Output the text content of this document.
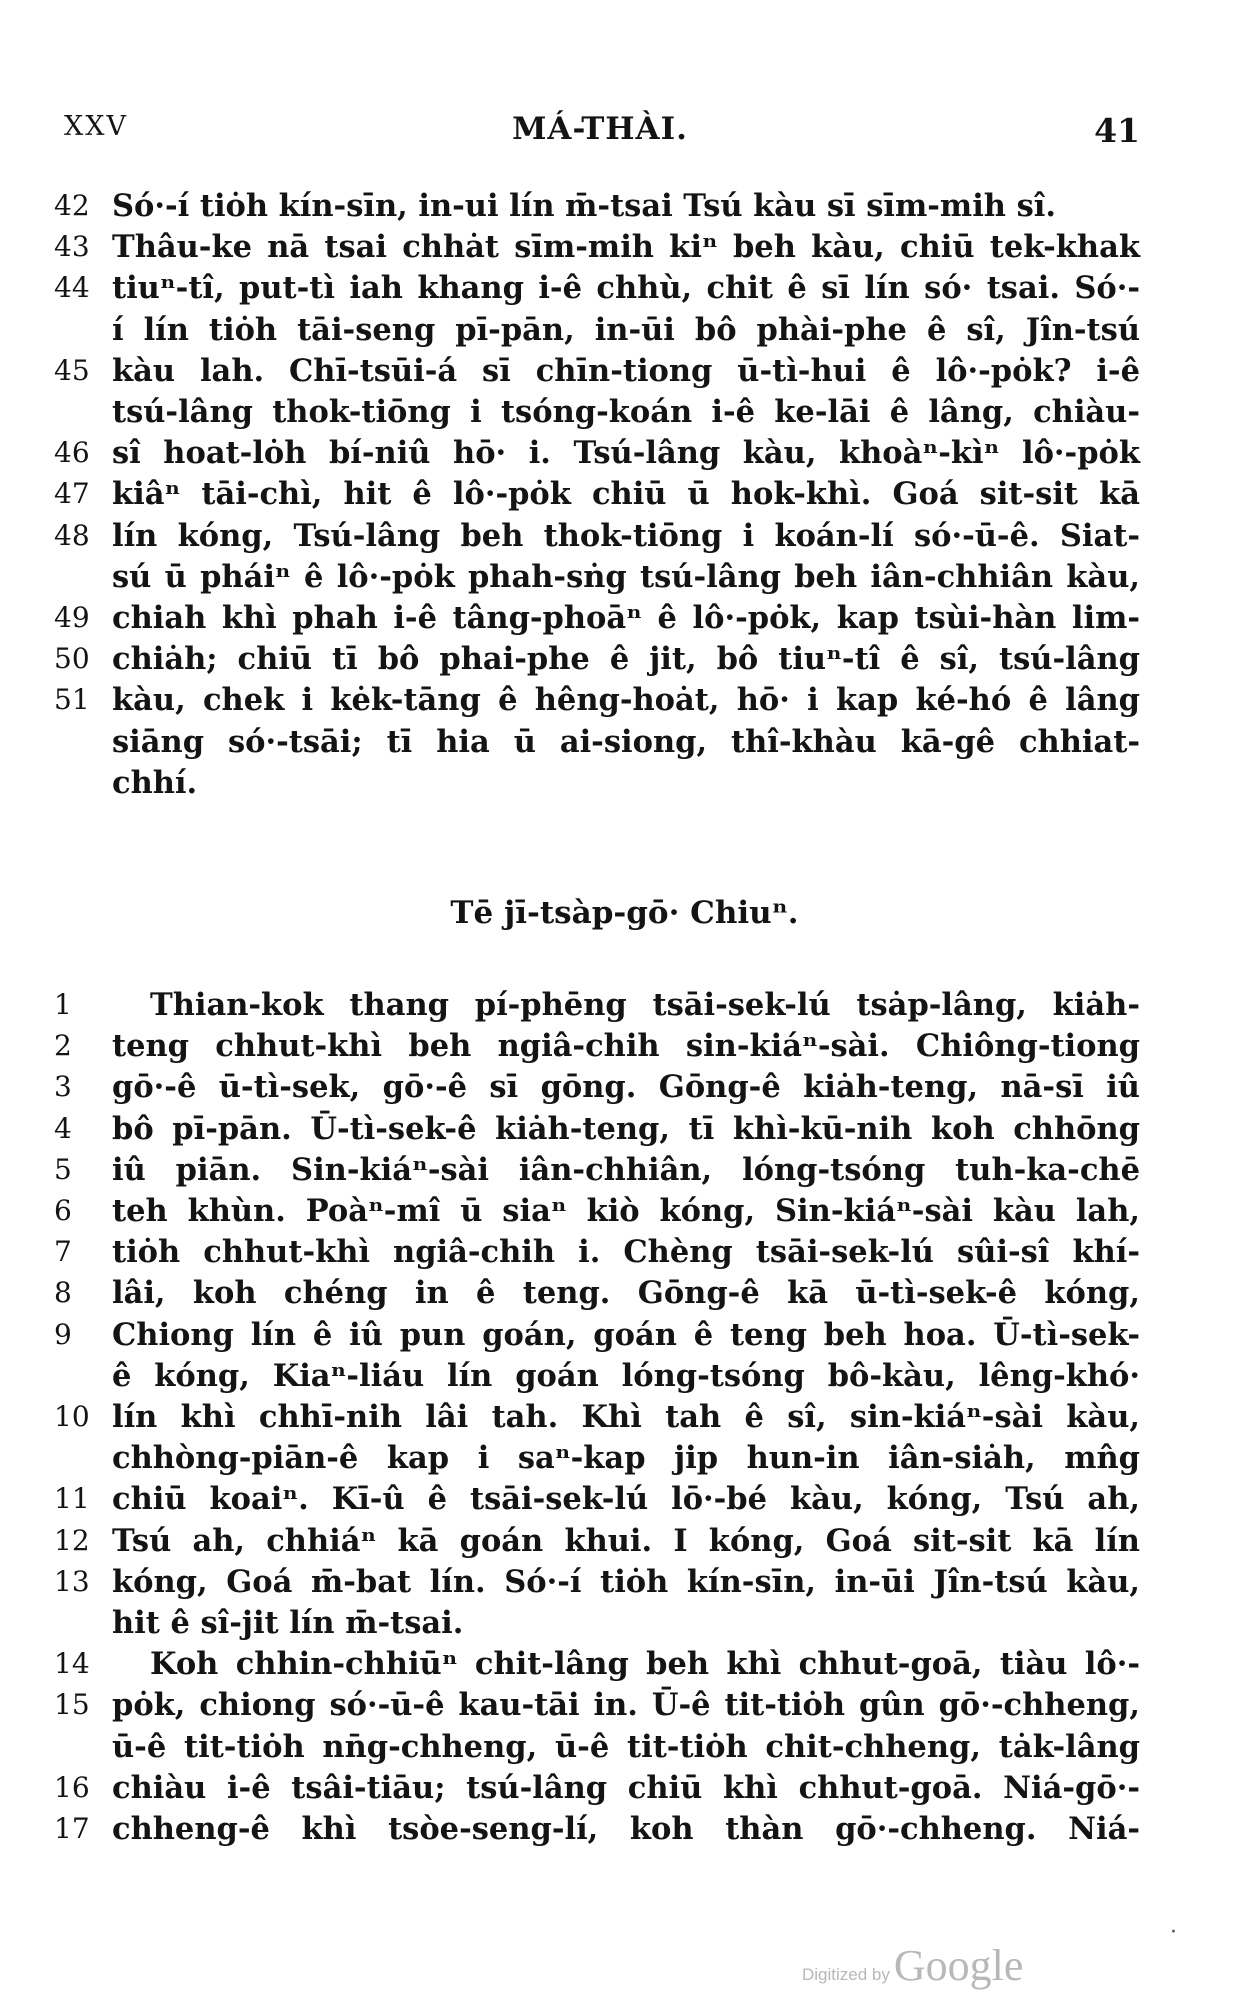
XXV	MÁ-THÀI.	41
42 Só·-í tiȯh kín-sīn, in-ui lín m̄-tsai Tsú kàu sī sīm-mih sî.
43 Thâu-ke nā tsai chhȧt sīm-mih kiⁿ beh kàu, chiū tek-khak
44 tiuⁿ-tî, put-tì iah khang i-ê chhù, chit ê sī lín só· tsai. Só·-
í lín tiȯh tāi-seng pī-pān, in-ūi bô phài-phe ê sî, Jîn-tsú
45 kàu lah. Chī-tsūi-á sī chīn-tiong ū-tì-hui ê lô·-pȯk? i-ê
tsú-lâng thok-tiōng i tsóng-koán i-ê ke-lāi ê lâng, chiàu-
46 sî hoat-lȯh bí-niû hō· i. Tsú-lâng kàu, khoàⁿ-kìⁿ lô·-pȯk
47 kiâⁿ tāi-chì, hit ê lô·-pȯk chiū ū hok-khì. Goá sit-sit kā
48 lín kóng, Tsú-lâng beh thok-tiōng i koán-lí só·-ū-ê. Siat-
sú ū pháiⁿ ê lô·-pȯk phah-sṅg tsú-lâng beh iân-chhiân kàu,
49 chiah khì phah i-ê tâng-phoāⁿ ê lô·-pȯk, kap tsùi-hàn lim-
50 chiȧh; chiū tī bô phai-phe ê jit, bô tiuⁿ-tî ê sî, tsú-lâng
51 kàu, chek i kėk-tāng ê hêng-hoȧt, hō· i kap ké-hó ê lâng
siāng só·-tsāi; tī hia ū ai-siong, thî-khàu kā-gê chhiat-
chhí.
1	Thian-kok thang pí-phēng tsāi-sek-lú tsȧp-lâng, kiȧh-
2	teng chhut-khì beh ngiâ-chih sin-kiáⁿ-sài. Chiông-tiong
3	gō·-ê ū-tì-sek, gō·-ê sī gōng. Gōng-ê kiȧh-teng, nā-sī iû
4	bô pī-pān. Ū-tì-sek-ê kiȧh-teng, tī khì-kū-nih koh chhōng
5	iû piān. Sin-kiáⁿ-sài iân-chhiân, lóng-tsóng tuh-ka-chē
6	teh khùn. Poàⁿ-mî ū siaⁿ kiò kóng, Sin-kiáⁿ-sài kàu lah,
7	tiȯh chhut-khì ngiâ-chih i. Chèng tsāi-sek-lú sûi-sî khí-
8	lâi, koh chéng in ê teng. Gōng-ê kā ū-tì-sek-ê kóng,
9	Chiong lín ê iû pun goán, goán ê teng beh hoa. Ū-tì-sek-
ê kóng, Kiaⁿ-liáu lín goán lóng-tsóng bô-kàu, lêng-khó·
10 lín khì chhī-nih lâi tah. Khì tah ê sî, sin-kiáⁿ-sài kàu,
chhòng-piān-ê kap i saⁿ-kap jip hun-in iân-siȧh, mn̂g
11 chiū koaiⁿ. Kī-û ê tsāi-sek-lú lō·-bé kàu, kóng, Tsú ah,
12 Tsú ah, chhiáⁿ kā goán khui. I kóng, Goá sit-sit kā lín
13 kóng, Goá m̄-bat lín. Só·-í tiȯh kín-sīn, in-ūi Jîn-tsú kàu,
hit ê sî-jit lín m̄-tsai.
14	Koh chhin-chhiūⁿ chit-lâng beh khì chhut-goā, tiàu lô·-
15 pȯk, chiong só·-ū-ê kau-tāi in. Ū-ê tit-tiȯh gûn gō·-chheng,
ū-ê tit-tiȯh nn̄g-chheng, ū-ê tit-tiȯh chit-chheng, tȧk-lâng
16 chiàu i-ê tsâi-tiāu; tsú-lâng chiū khì chhut-goā. Niá-gō·-
17 chheng-ê khì tsòe-seng-lí, koh thàn gō·-chheng. Niá-
Tē jī-tsàp-gō· Chiuⁿ.
·
Digitized byGoogle
